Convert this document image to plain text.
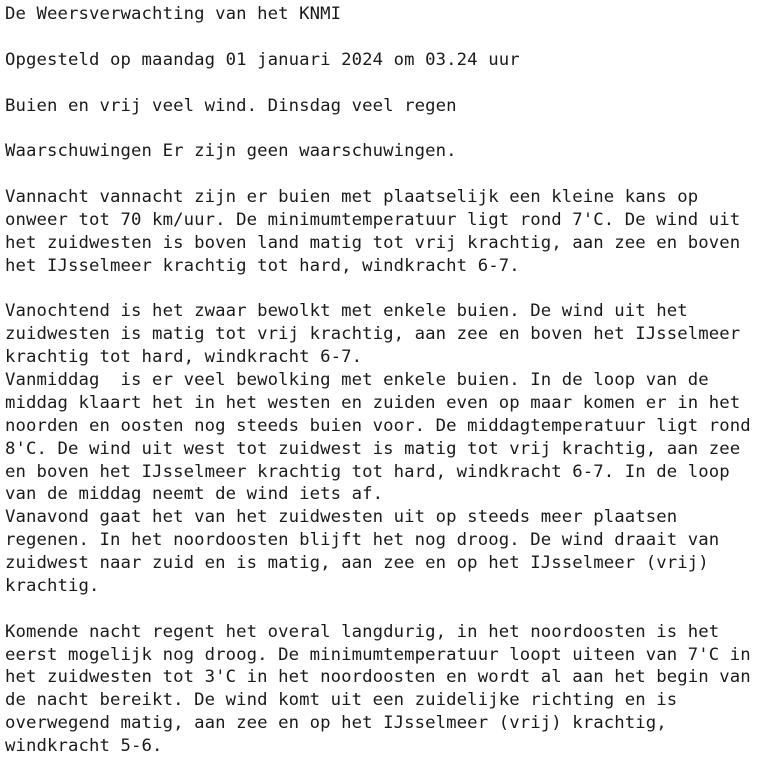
De Weersverwachting van het KNMI
Opgesteld op maandag 01 januari 2024 om 03.24 uur
Buien en vrij veel wind. Dinsdag veel regen
Waarschuwingen Er zijn geen waarschuwingen.
Vannacht vannacht zijn er buien met plaatselijk een kleine kans op
onweer tot 70 km/uur. De minimumtemperatuur ligt rond 7'C. De wind uit
het zuidwesten is boven land matig tot vrij krachtig, aan zee en boven
het IJsselmeer krachtig tot hard, windkracht 6-7.
Vanochtend is het zwaar bewolkt met enkele buien. De wind uit het
zuidwesten is matig tot vrij krachtig, aan zee en boven het IJsselmeer
krachtig tot hard, windkracht 6-7.
Vanmiddag  is er veel bewolking met enkele buien. In de loop van de
middag klaart het in het westen en zuiden even op maar komen er in het
noorden en oosten nog steeds buien voor. De middagtemperatuur ligt rond
8'C. De wind uit west tot zuidwest is matig tot vrij krachtig, aan zee
en boven het IJsselmeer krachtig tot hard, windkracht 6-7. In de loop
van de middag neemt de wind iets af.
Vanavond gaat het van het zuidwesten uit op steeds meer plaatsen
regenen. In het noordoosten blijft het nog droog. De wind draait van
zuidwest naar zuid en is matig, aan zee en op het IJsselmeer (vrij)
krachtig.
Komende nacht regent het overal langdurig, in het noordoosten is het
eerst mogelijk nog droog. De minimumtemperatuur loopt uiteen van 7'C in
het zuidwesten tot 3'C in het noordoosten en wordt al aan het begin van
de nacht bereikt. De wind komt uit een zuidelijke richting en is
overwegend matig, aan zee en op het IJsselmeer (vrij) krachtig,
windkracht 5-6.
